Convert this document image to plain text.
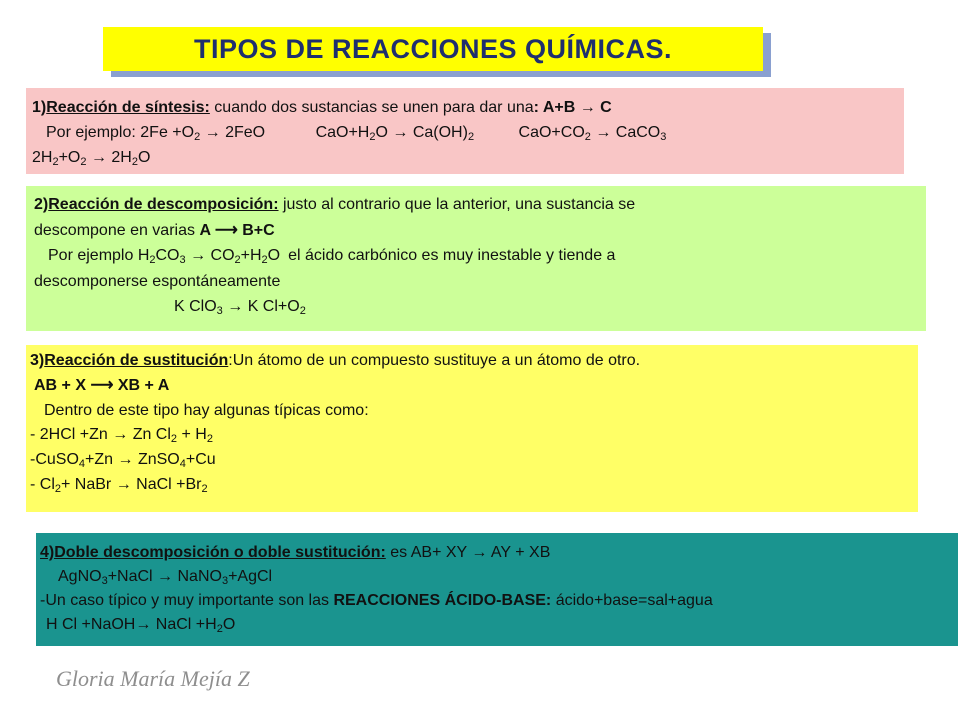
TIPOS DE REACCIONES QUÍMICAS.
1)Reacción de síntesis: cuando dos sustancias se unen para dar una: A+B → C
Por ejemplo: $2Fe +O_2 \to 2FeO$	$CaO+H_2O \to Ca(OH)_2$	$CaO+CO_2$ → CaCO$_3$
$2H_2+O_2 \to 2H_2O$
2)Reacción de descomposición: justo al contrario que la anterior, una sustancia se
descompone en varias A ⟶ B+C
Por ejemplo $H_2CO_3 \to CO_2+H_2O$ el ácido carbónico es muy inestable y tiende a
descomponerse espontáneamente
K ClO$_3$ → K $Cl+O_2$
3)Reacción de sustitución:Un átomo de un compuesto sustituye a un átomo de otro.
AB + X ⟶ XB + A
Dentro de este tipo hay algunas típicas como:
- 2HCl +Zn → Zn $Cl_2 + H_2$
-CuSO$_4$+Zn → ZnSO$_4$+Cu
- $Cl_2+$ NaBr → NaCl $+Br_2$
4)Doble descomposición o doble sustitución: es AB+ XY → AY + XB
AgNO$_3$+NaCl → NaNO$_3$+AgCl
-Un caso típico y muy importante son las REACCIONES ÁCIDO-BASE: ácido+base=sal+agua
H Cl +NaOH→ NaCl $+H_2O$
Gloria María Mejía Z
